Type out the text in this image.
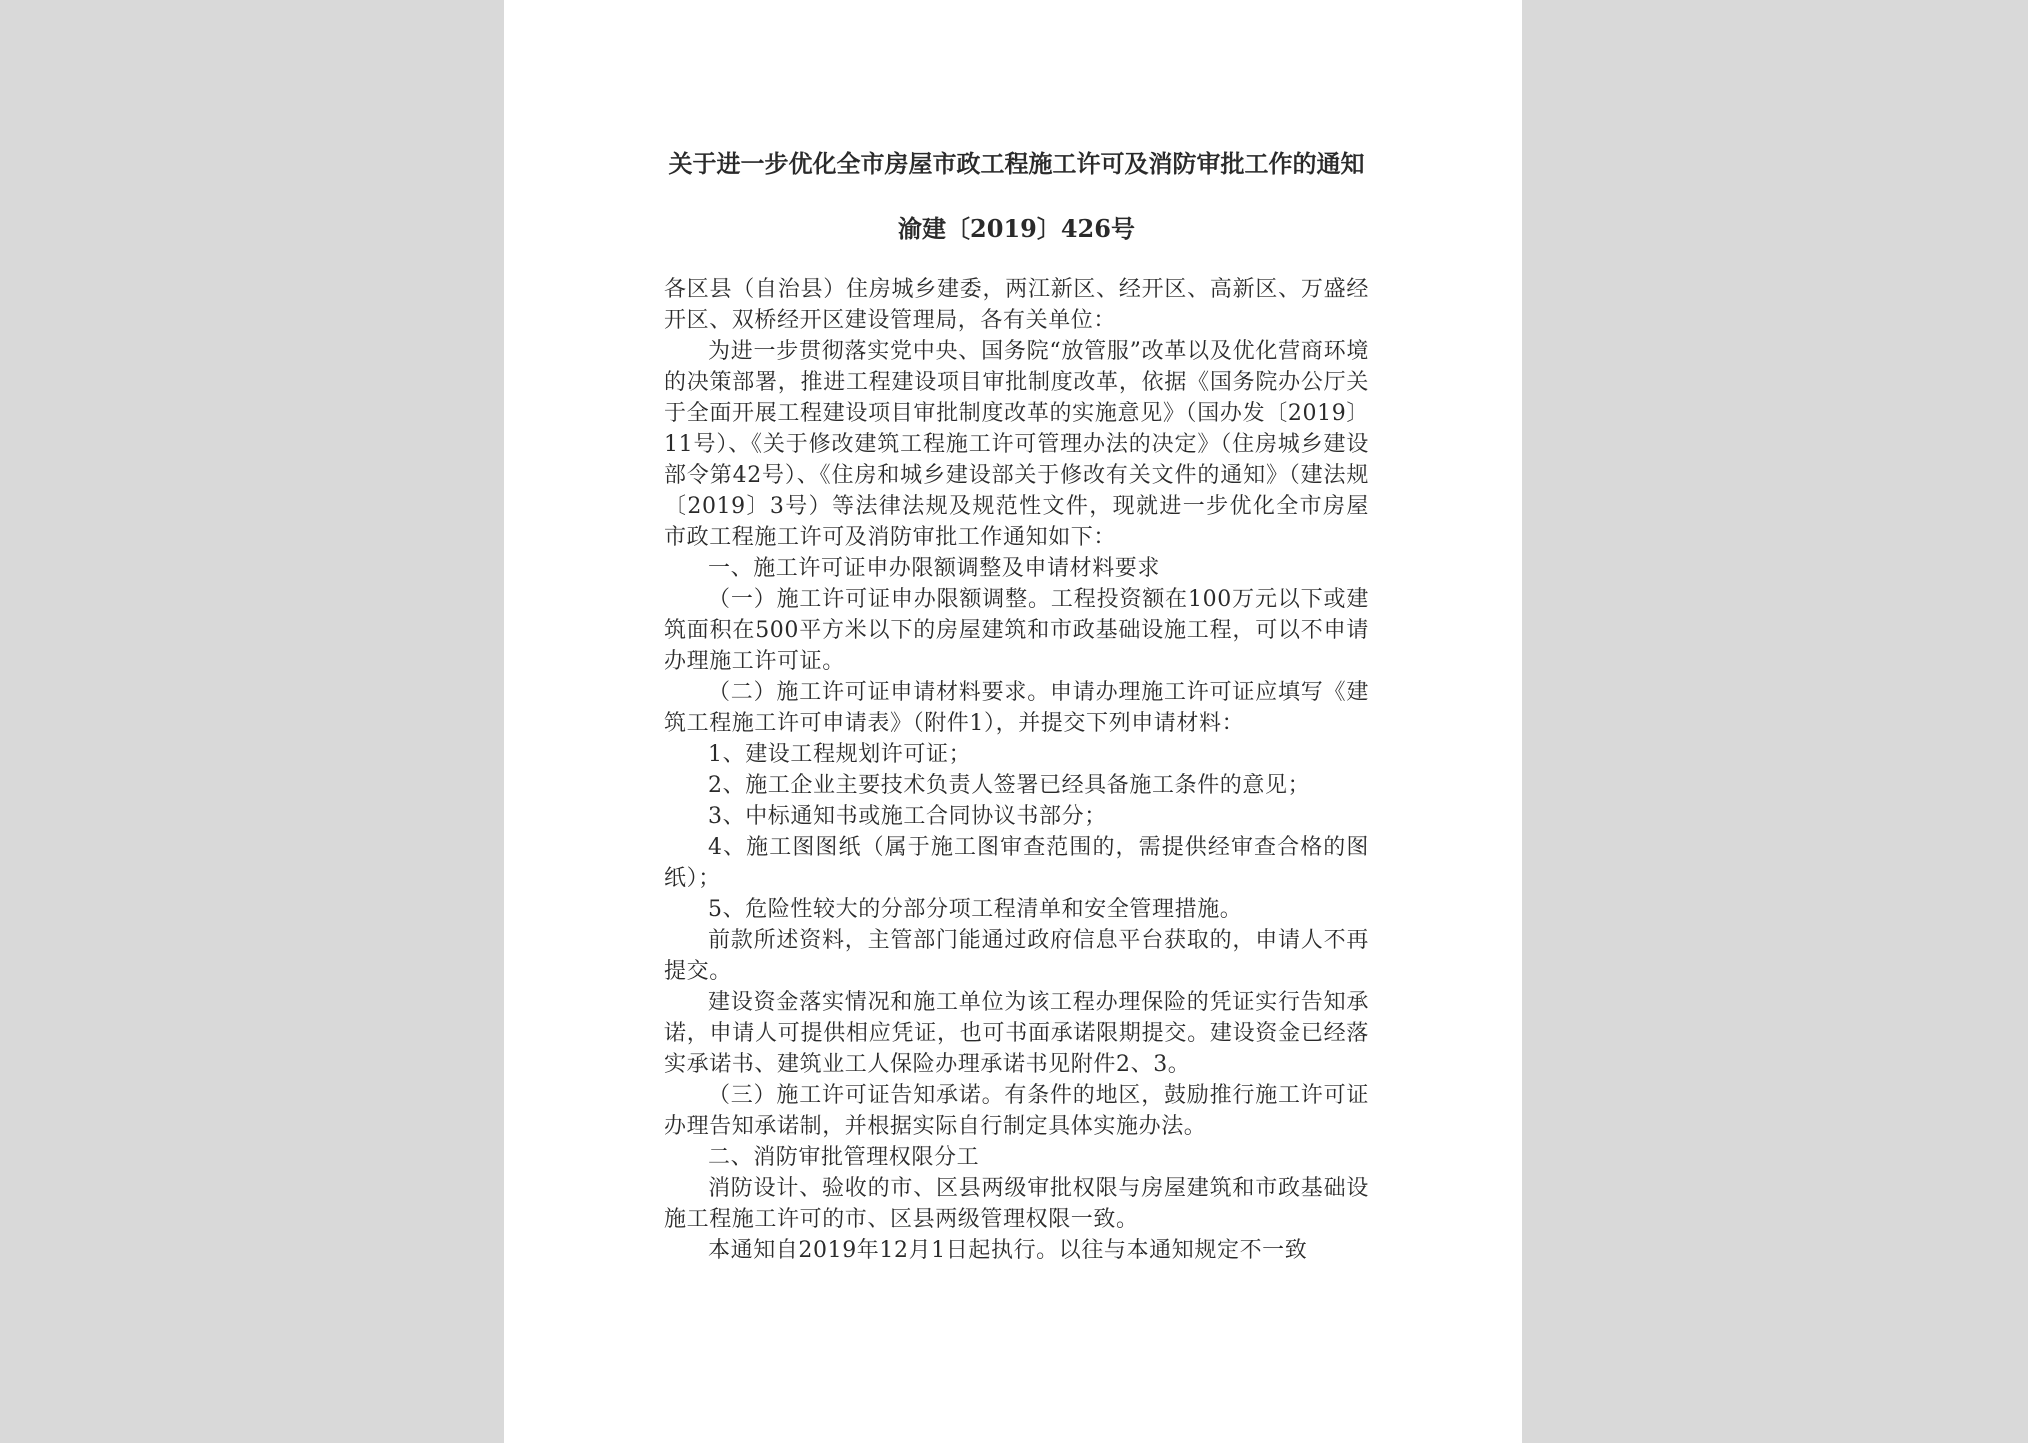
关于进一步优化全市房屋市政工程施工许可及消防审批工作的通知
渝建〔2019〕426号

各区县（自治县）住房城乡建委，两江新区、经开区、高新区、万盛经开区、双桥经开区建设管理局，各有关单位：

为进一步贯彻落实党中央、国务院“放管服”改革以及优化营商环境的决策部署，推进工程建设项目审批制度改革，依据《国务院办公厅关于全面开展工程建设项目审批制度改革的实施意见》（国办发〔2019〕11号）、《关于修改建筑工程施工许可管理办法的决定》（住房城乡建设部令第42号）、《住房和城乡建设部关于修改有关文件的通知》（建法规〔2019〕3号）等法律法规及规范性文件，现就进一步优化全市房屋市政工程施工许可及消防审批工作通知如下：

一、施工许可证申办限额调整及申请材料要求

（一）施工许可证申办限额调整。工程投资额在100万元以下或建筑面积在500平方米以下的房屋建筑和市政基础设施工程，可以不申请办理施工许可证。

（二）施工许可证申请材料要求。申请办理施工许可证应填写《建筑工程施工许可申请表》（附件1），并提交下列申请材料：

1、建设工程规划许可证；

2、施工企业主要技术负责人签署已经具备施工条件的意见；

3、中标通知书或施工合同协议书部分；

4、施工图图纸（属于施工图审查范围的，需提供经审查合格的图纸）；

5、危险性较大的分部分项工程清单和安全管理措施。

前款所述资料，主管部门能通过政府信息平台获取的，申请人不再提交。

建设资金落实情况和施工单位为该工程办理保险的凭证实行告知承诺，申请人可提供相应凭证，也可书面承诺限期提交。建设资金已经落实承诺书、建筑业工人保险办理承诺书见附件2、3。

（三）施工许可证告知承诺。有条件的地区，鼓励推行施工许可证办理告知承诺制，并根据实际自行制定具体实施办法。

二、消防审批管理权限分工

消防设计、验收的市、区县两级审批权限与房屋建筑和市政基础设施工程施工许可的市、区县两级管理权限一致。

本通知自2019年12月1日起执行。以往与本通知规定不一致
